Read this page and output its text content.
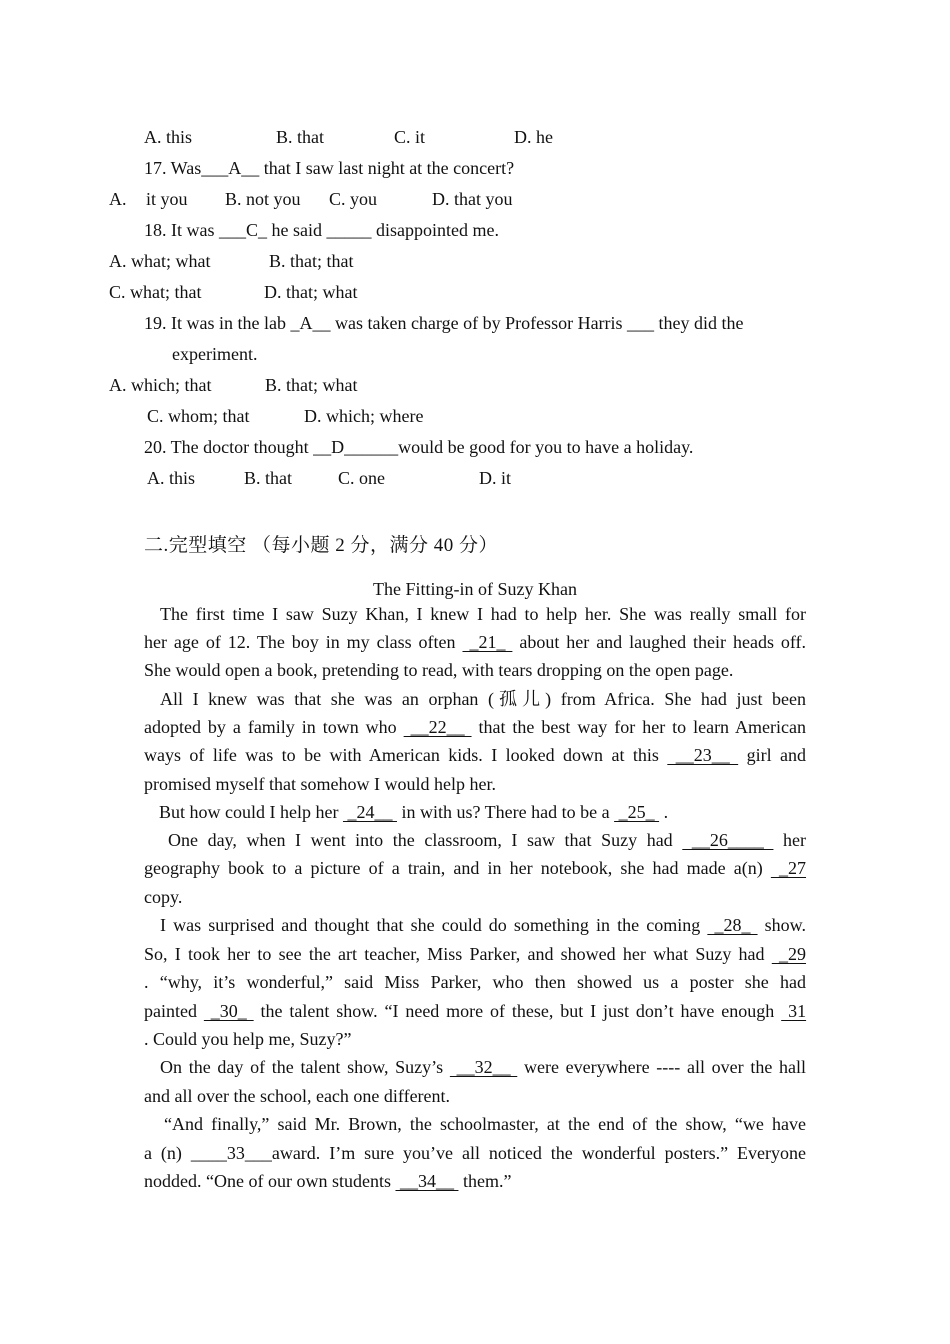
A. this	B. that	C. it	D. he
17. Was___A__ that I saw last night at the concert?
A. it you B. not you C. you	D. that you
18. It was ___C_ he said _____ disappointed me.
A. what; what	B. that; that
C. what; that	D. that; what
19. It was in the lab _A__ was taken charge of by Professor Harris ___ they did the
experiment.
A. which; that	B. that; what
C. whom; that	D. which; where
20. The doctor thought __D______would be good for you to have a holiday.
A. this	B. that	C. one	D. it
二.完型填空 （每小题 2 分，满分 40 分）
The Fitting-in of Suzy Khan
The first time I saw Suzy Khan, I knew I had to help her. She was really small for
her age of 12. The boy in my class often  _21_  about her and laughed their heads off.
She would open a book, pretending to read, with tears dropping on the open page.
All I knew was that she was an orphan (孤儿) from Africa. She had just been
adopted by a family in town who  __22__  that the best way for her to learn American
ways of life was to be with American kids. I looked down at this  __23__  girl and
promised myself that somehow I would help her.
But how could I help her  _24__  in with us? There had to be a  _25_  .
One day, when I went into the classroom, I saw that Suzy had  __26____  her
geography book to a picture of a train, and in her notebook, she had made a(n)  _27
copy.
I was surprised and thought that she could do something in the coming  _28_  show.
So, I took her to see the art teacher, Miss Parker, and showed her what Suzy had  _29
. “why, it’s wonderful,” said Miss Parker, who then showed us a poster she had
painted  _30_  the talent show. “I need more of these, but I just don’t have enough  31
. Could you help me, Suzy?”
On the day of the talent show, Suzy’s  __32__  were everywhere ---- all over the hall
and all over the school, each one different.
“And finally,” said Mr. Brown, the schoolmaster, at the end of the show, “we have
a (n) ____33___award. I’m sure you’ve all noticed the wonderful posters.” Everyone
nodded. “One of our own students  __34__  them.”
